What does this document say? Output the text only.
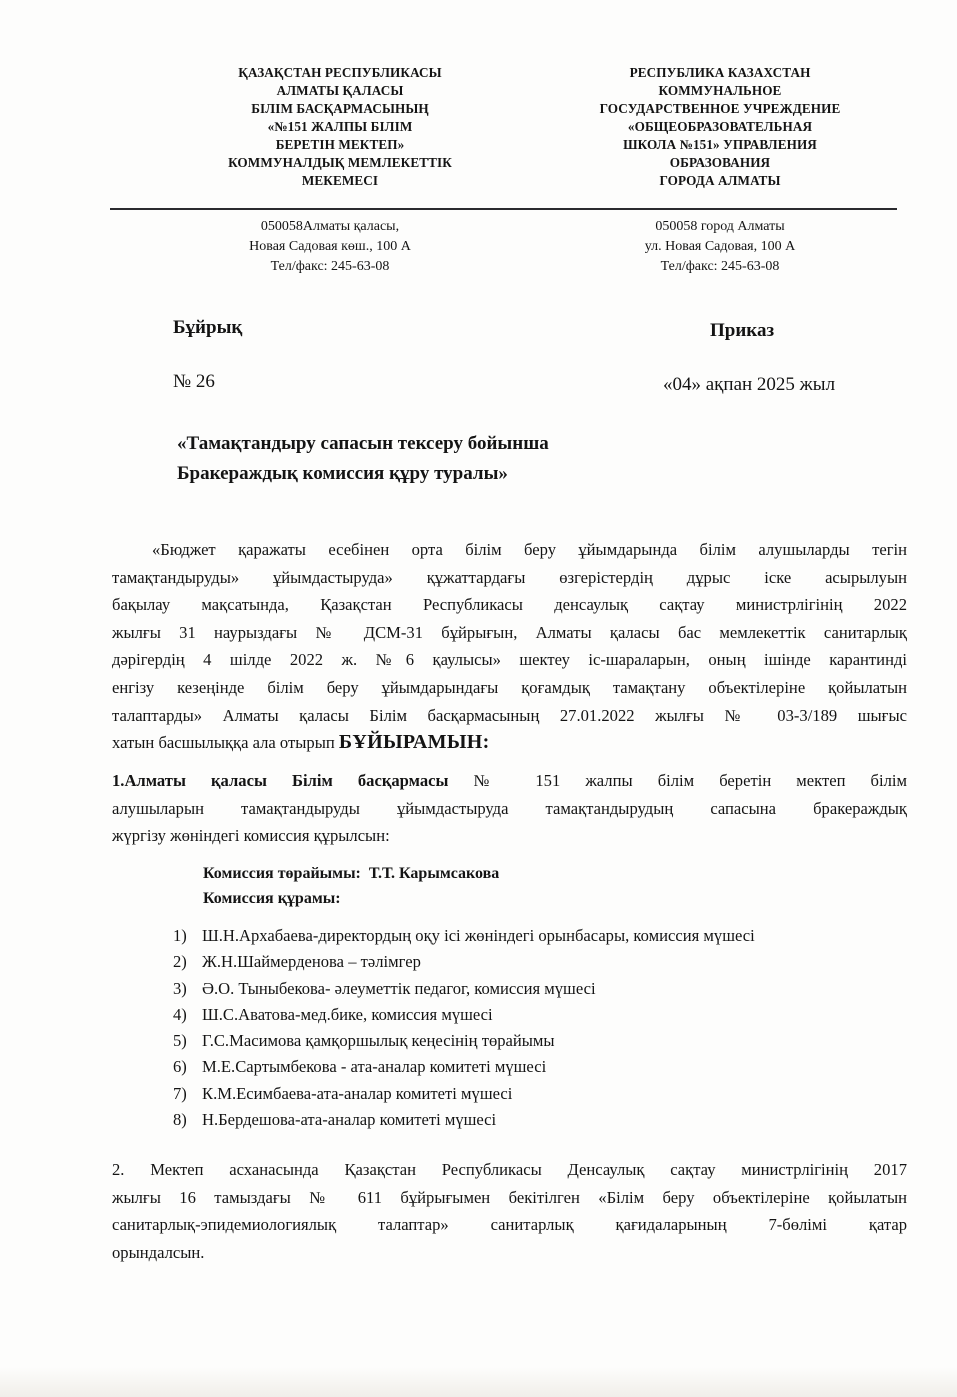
ҚАЗАҚСТАН РЕСПУБЛИКАСЫ
АЛМАТЫ ҚАЛАСЫ
БІЛІМ БАСҚАРМАСЫНЫҢ
«№151 ЖАЛПЫ БІЛІМ
БЕРЕТІН МЕКТЕП»
КОММУНАЛДЫҚ МЕМЛЕКЕТТІК
МЕКЕМЕСІ
РЕСПУБЛИКА КАЗАХСТАН
КОММУНАЛЬНОЕ
ГОСУДАРСТВЕННОЕ УЧРЕЖДЕНИЕ
«ОБЩЕОБРАЗОВАТЕЛЬНАЯ
ШКОЛА №151» УПРАВЛЕНИЯ
ОБРАЗОВАНИЯ
ГОРОДА АЛМАТЫ
050058Алматы қаласы,
Новая Садовая көш., 100 А
Тел/факс: 245-63-08
050058 город Алматы
ул. Новая Садовая, 100 А
Тел/факс: 245-63-08
Бұйрық	Приказ
№ 26	«04» ақпан 2025 жыл
«Тамақтандыру сапасын тексеру бойынша
Бракераждық комиссия құру туралы»
«Бюджет қаражаты есебінен орта білім беру ұйымдарында білім алушыларды тегін
тамақтандыруды» ұйымдастыруда» құжаттардағы өзгерістердің дұрыс іске асырылуын
бақылау мақсатында, Қазақстан Республикасы денсаулық сақтау министрлігінің 2022
жылғы 31 наурыздағы № ДСМ-31 бұйрығын, Алматы қаласы бас мемлекеттік санитарлық
дәрігердің 4 шілде 2022 ж. №6 қаулысы» шектеу іс-шараларын, оның ішінде карантинді
енгізу кезеңінде білім беру ұйымдарындағы қоғамдық тамақтану объектілеріне қойылатын
талаптарды» Алматы қаласы Білім басқармасының 27.01.2022 жылғы № 03-3/189 шығыс
хатын басшылыққа ала отырып БҰЙЫРАМЫН:
1.Алматы қаласы Білім басқармасы № 151 жалпы білім беретін мектеп білім
алушыларын тамақтандыруды ұйымдастыруда тамақтандырудың сапасына бракераждық
жүргізу жөніндегі комиссия құрылсын:
Комиссия төрайымы: Т.Т. Карымсакова
Комиссия құрамы:
1) Ш.Н.Архабаева-директордың оқу ісі жөніндегі орынбасары, комиссия мүшесі
2) Ж.Н.Шаймерденова – тәлімгер
3) Ә.О. Тыныбекова- әлеуметтік педагог, комиссия мүшесі
4) Ш.С.Аватова-мед.бике, комиссия мүшесі
5) Г.С.Масимова қамқоршылық кеңесінің төрайымы
6) М.Е.Сартымбекова - ата-аналар комитеті мүшесі
7) К.М.Есимбаева-ата-аналар комитеті мүшесі
8) Н.Бердешова-ата-аналар комитеті мүшесі
2. Мектеп асханасында Қазақстан Республикасы Денсаулық сақтау министрлігінің 2017
жылғы 16 тамыздағы № 611 бұйрығымен бекітілген «Білім беру объектілеріне қойылатын
санитарлық-эпидемиологиялық талаптар» санитарлық қағидаларының 7-бөлімі қатар
орындалсын.
